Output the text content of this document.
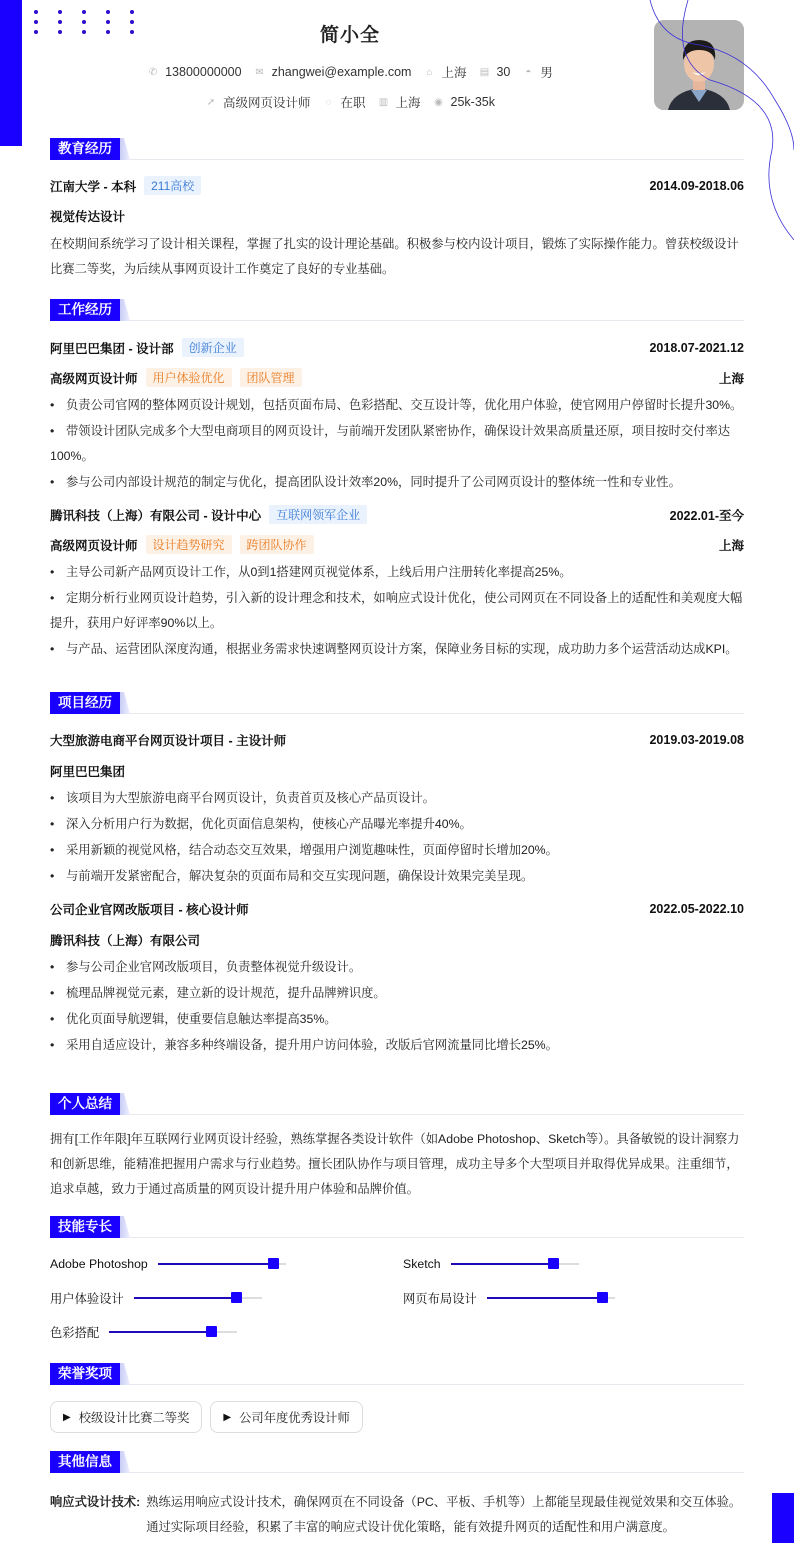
简小全
✆ 13800000000 ✉ zhangwei@example.com ⌂ 上海 ▤ 30 ◓ 男
➚ 高级网页设计师	◌ 在职 ▥ 上海 ◉ 25k-35k
教育经历
江南大学 - 本科	211高校	2014.09-2018.06
视觉传达设计
在校期间系统学习了设计相关课程，掌握了扎实的设计理论基础。积极参与校内设计项目，锻炼了实际操作能力。曾获校级设计比赛二等奖，为后续从事网页设计工作奠定了良好的专业基础。
工作经历
阿里巴巴集团 - 设计部	创新企业	2018.07-2021.12
高级网页设计师	用户体验优化	团队管理	上海
• 负责公司官网的整体网页设计规划，包括页面布局、色彩搭配、交互设计等，优化用户体验，使官网用户停留时长提升30%。
• 带领设计团队完成多个大型电商项目的网页设计，与前端开发团队紧密协作，确保设计效果高质量还原，项目按时交付率达100%。
• 参与公司内部设计规范的制定与优化，提高团队设计效率20%，同时提升了公司网页设计的整体统一性和专业性。
腾讯科技（上海）有限公司 - 设计中心	互联网领军企业	2022.01-至今
高级网页设计师	设计趋势研究	跨团队协作	上海
• 主导公司新产品网页设计工作，从0到1搭建网页视觉体系，上线后用户注册转化率提高25%。
• 定期分析行业网页设计趋势，引入新的设计理念和技术，如响应式设计优化，使公司网页在不同设备上的适配性和美观度大幅提升，获用户好评率90%以上。
• 与产品、运营团队深度沟通，根据业务需求快速调整网页设计方案，保障业务目标的实现，成功助力多个运营活动达成KPI。
项目经历
大型旅游电商平台网页设计项目 - 主设计师	2019.03-2019.08
阿里巴巴集团
• 该项目为大型旅游电商平台网页设计，负责首页及核心产品页设计。
• 深入分析用户行为数据，优化页面信息架构，使核心产品曝光率提升40%。
• 采用新颖的视觉风格，结合动态交互效果，增强用户浏览趣味性，页面停留时长增加20%。
• 与前端开发紧密配合，解决复杂的页面布局和交互实现问题，确保设计效果完美呈现。
公司企业官网改版项目 - 核心设计师	2022.05-2022.10
腾讯科技（上海）有限公司
• 参与公司企业官网改版项目，负责整体视觉升级设计。
• 梳理品牌视觉元素，建立新的设计规范，提升品牌辨识度。
• 优化页面导航逻辑，使重要信息触达率提高35%。
• 采用自适应设计，兼容多种终端设备，提升用户访问体验，改版后官网流量同比增长25%。
个人总结
拥有[工作年限]年互联网行业网页设计经验，熟练掌握各类设计软件（如Adobe Photoshop、Sketch等）。具备敏锐的设计洞察力和创新思维，能精准把握用户需求与行业趋势。擅长团队协作与项目管理，成功主导多个大型项目并取得优异成果。注重细节，追求卓越，致力于通过高质量的网页设计提升用户体验和品牌价值。
技能专长
Adobe Photoshop	Sketch
用户体验设计	网页布局设计
色彩搭配
荣誉奖项
▶ 校级设计比赛二等奖	▶ 公司年度优秀设计师
其他信息
响应式设计技术: 熟练运用响应式设计技术，确保网页在不同设备（PC、平板、手机等）上都能呈现最佳视觉效果和交互体验。通过实际项目经验，积累了丰富的响应式设计优化策略，能有效提升网页的适配性和用户满意度。
